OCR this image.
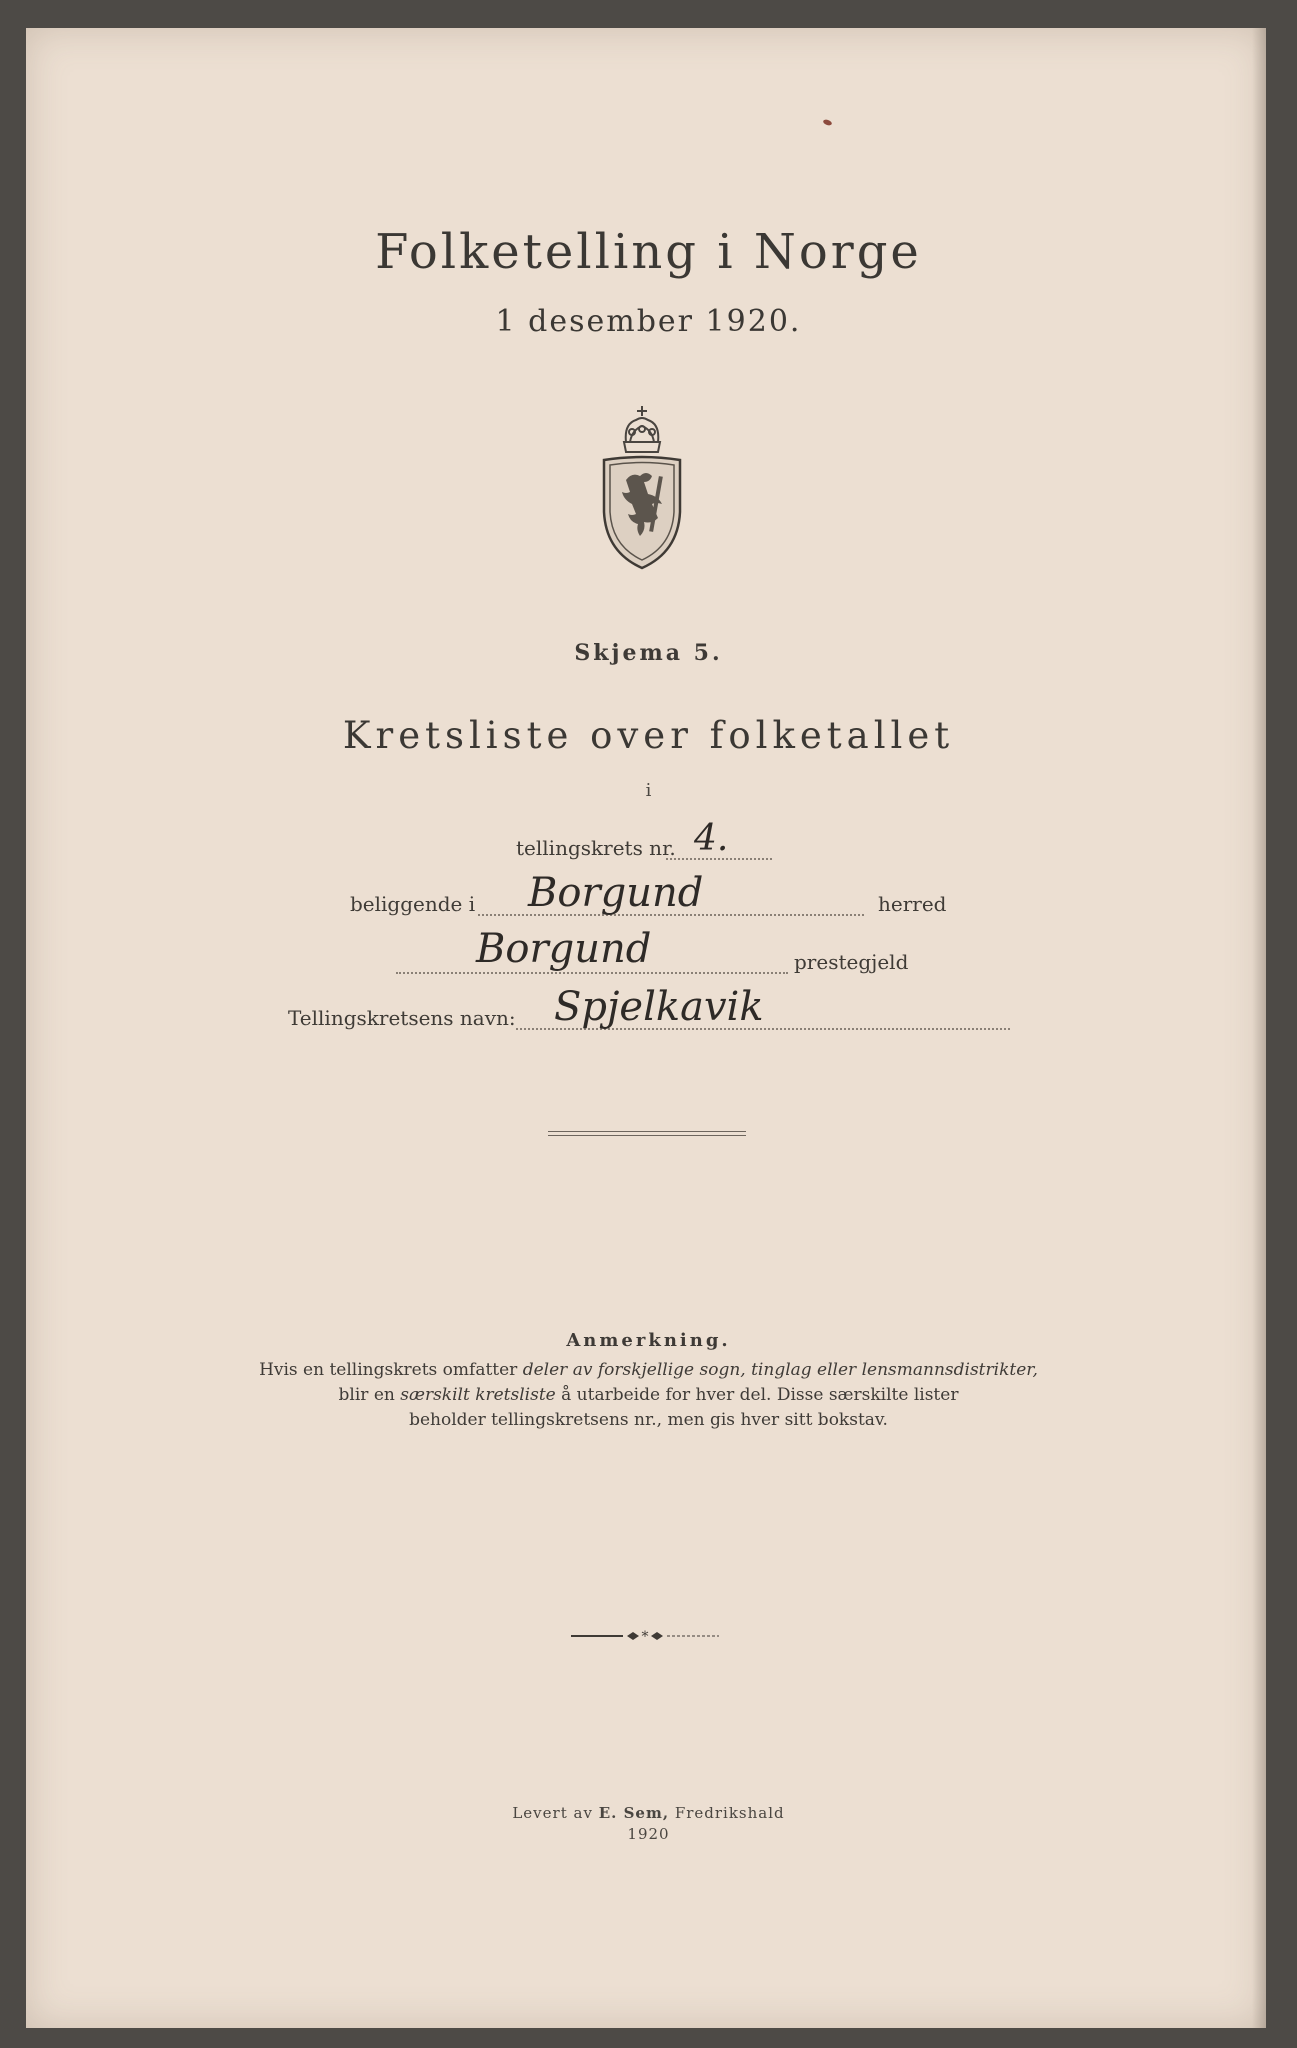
Folketelling i Norge
1 desember 1920.
Skjema 5.
Kretsliste over folketallet
i
tellingskrets nr. 4.
beliggende i Borgund	herred
Borgund	prestegjeld
Tellingskretsens navn: Spjelkavik
Anmerkning.

Hvis en tellingskrets omfatter deler av forskjellige sogn, tinglag eller lensmannsdistrikter,

blir en særskilt kretsliste å utarbeide for hver del. Disse særskilte lister

beholder tellingskretsens nr., men gis hver sitt bokstav.

*
Levert av E. Sem, Fredrikshald
1920
